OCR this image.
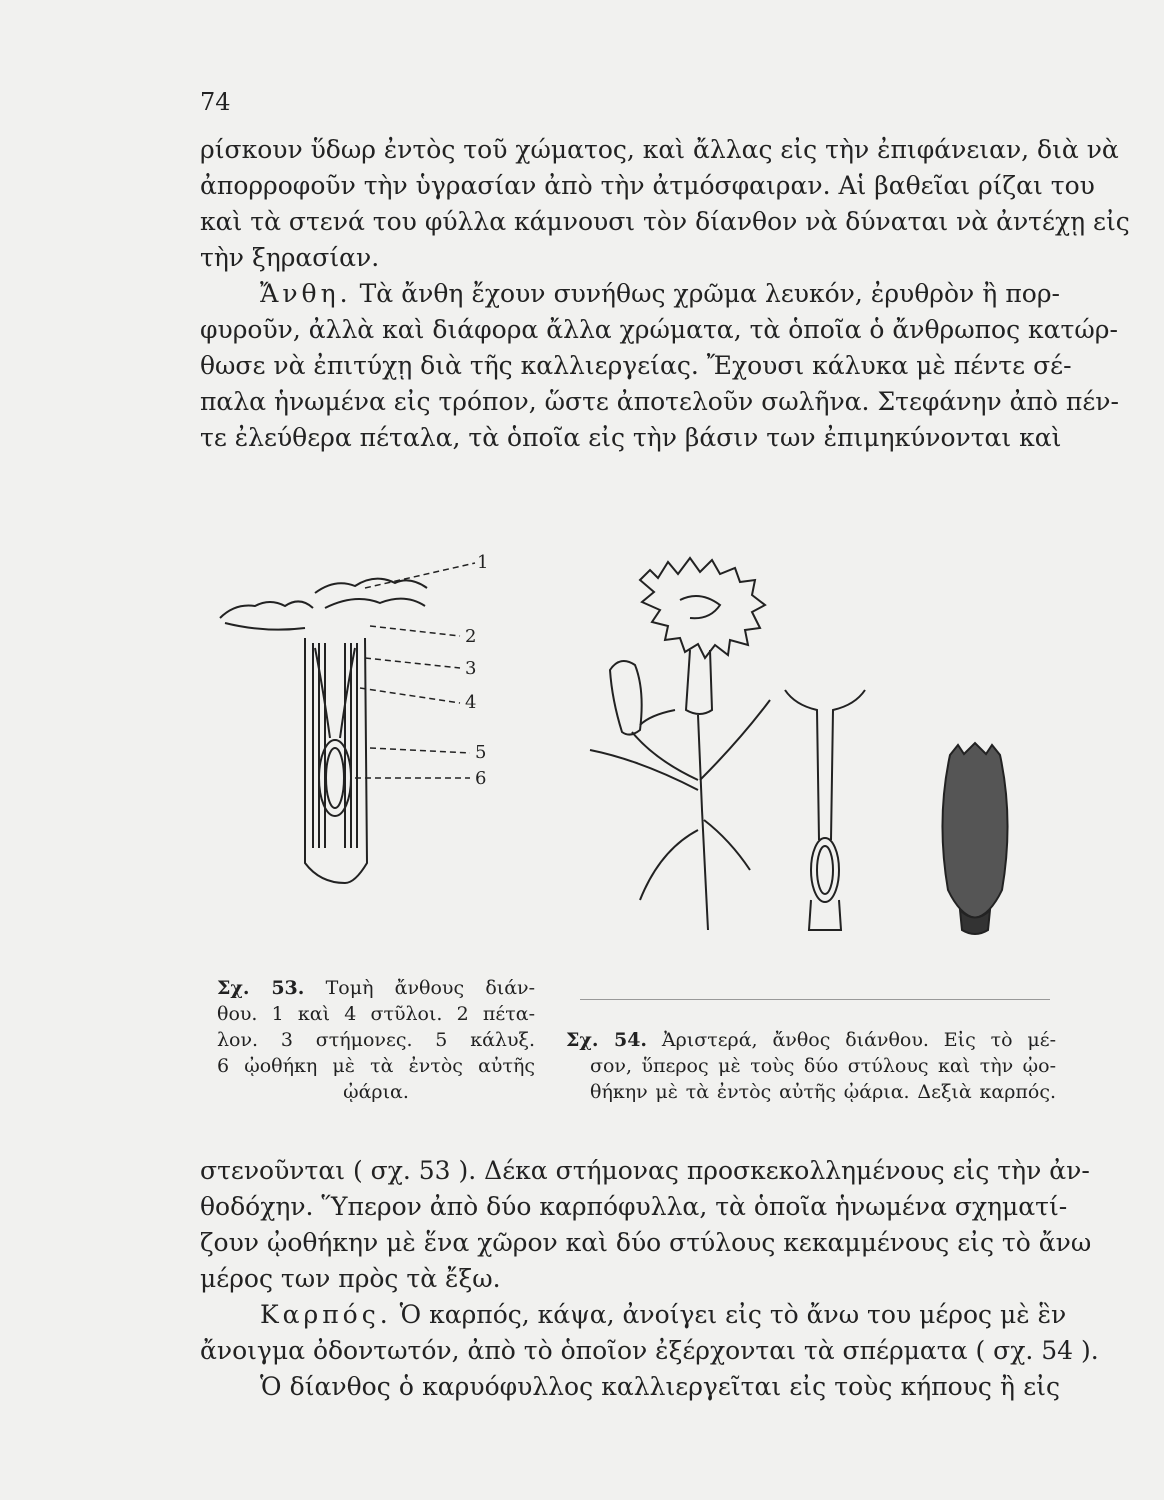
74
ρίσκουν ὕδωρ ἐντὸς τοῦ χώματος, καὶ ἄλλας εἰς τὴν ἐπιφάνειαν, διὰ νὰ
ἀπορροφοῦν τὴν ὑγρασίαν ἀπὸ τὴν ἀτμόσφαιραν. Αἱ βαθεῖαι ρίζαι του
καὶ τὰ στενά του φύλλα κάμνουσι τὸν δίανθον νὰ δύναται νὰ ἀντέχῃ εἰς
τὴν ξηρασίαν.
Ἄνθη. Τὰ ἄνθη ἔχουν συνήθως χρῶμα λευκόν, ἐρυθρὸν ἢ πορ-
φυροῦν, ἀλλὰ καὶ διάφορα ἄλλα χρώματα, τὰ ὁποῖα ὁ ἄνθρωπος κατώρ-
θωσε νὰ ἐπιτύχῃ διὰ τῆς καλλιεργείας. Ἔχουσι κάλυκα μὲ πέντε σέ-
παλα ἡνωμένα εἰς τρόπον, ὥστε ἀποτελοῦν σωλῆνα. Στεφάνην ἀπὸ πέν-
τε ἐλεύθερα πέταλα, τὰ ὁποῖα εἰς τὴν βάσιν των ἐπιμηκύνονται καὶ
1
2
3
4
5
6
Σχ. 53. Τομὴ ἄνθους διάν-
θου. 1 καὶ 4 στῦλοι. 2 πέτα-
λον. 3 στήμονες. 5 κάλυξ.
6 ᾠοθήκη μὲ τὰ ἐντὸς αὐτῆς
ᾠάρια.
Σχ. 54. Ἀριστερά, ἄνθος διάνθου. Εἰς τὸ μέ-
σον, ὕπερος μὲ τοὺς δύο στύλους καὶ τὴν ᾠο-
θήκην μὲ τὰ ἐντὸς αὐτῆς ᾠάρια. Δεξιὰ καρπός.
στενοῦνται ( σχ. 53 ). Δέκα στήμονας προσκεκολλημένους εἰς τὴν ἀν-
θοδόχην. Ὕπερον ἀπὸ δύο καρπόφυλλα, τὰ ὁποῖα ἡνωμένα σχηματί-
ζουν ᾠοθήκην μὲ ἕνα χῶρον καὶ δύο στύλους κεκαμμένους εἰς τὸ ἄνω
μέρος των πρὸς τὰ ἔξω.
Καρπός. Ὁ καρπός, κάψα, ἀνοίγει εἰς τὸ ἄνω του μέρος μὲ ἓν
ἄνοιγμα ὀδοντωτόν, ἀπὸ τὸ ὁποῖον ἐξέρχονται τὰ σπέρματα ( σχ. 54 ).
Ὁ δίανθος ὁ καρυόφυλλος καλλιεργεῖται εἰς τοὺς κήπους ἢ εἰς
